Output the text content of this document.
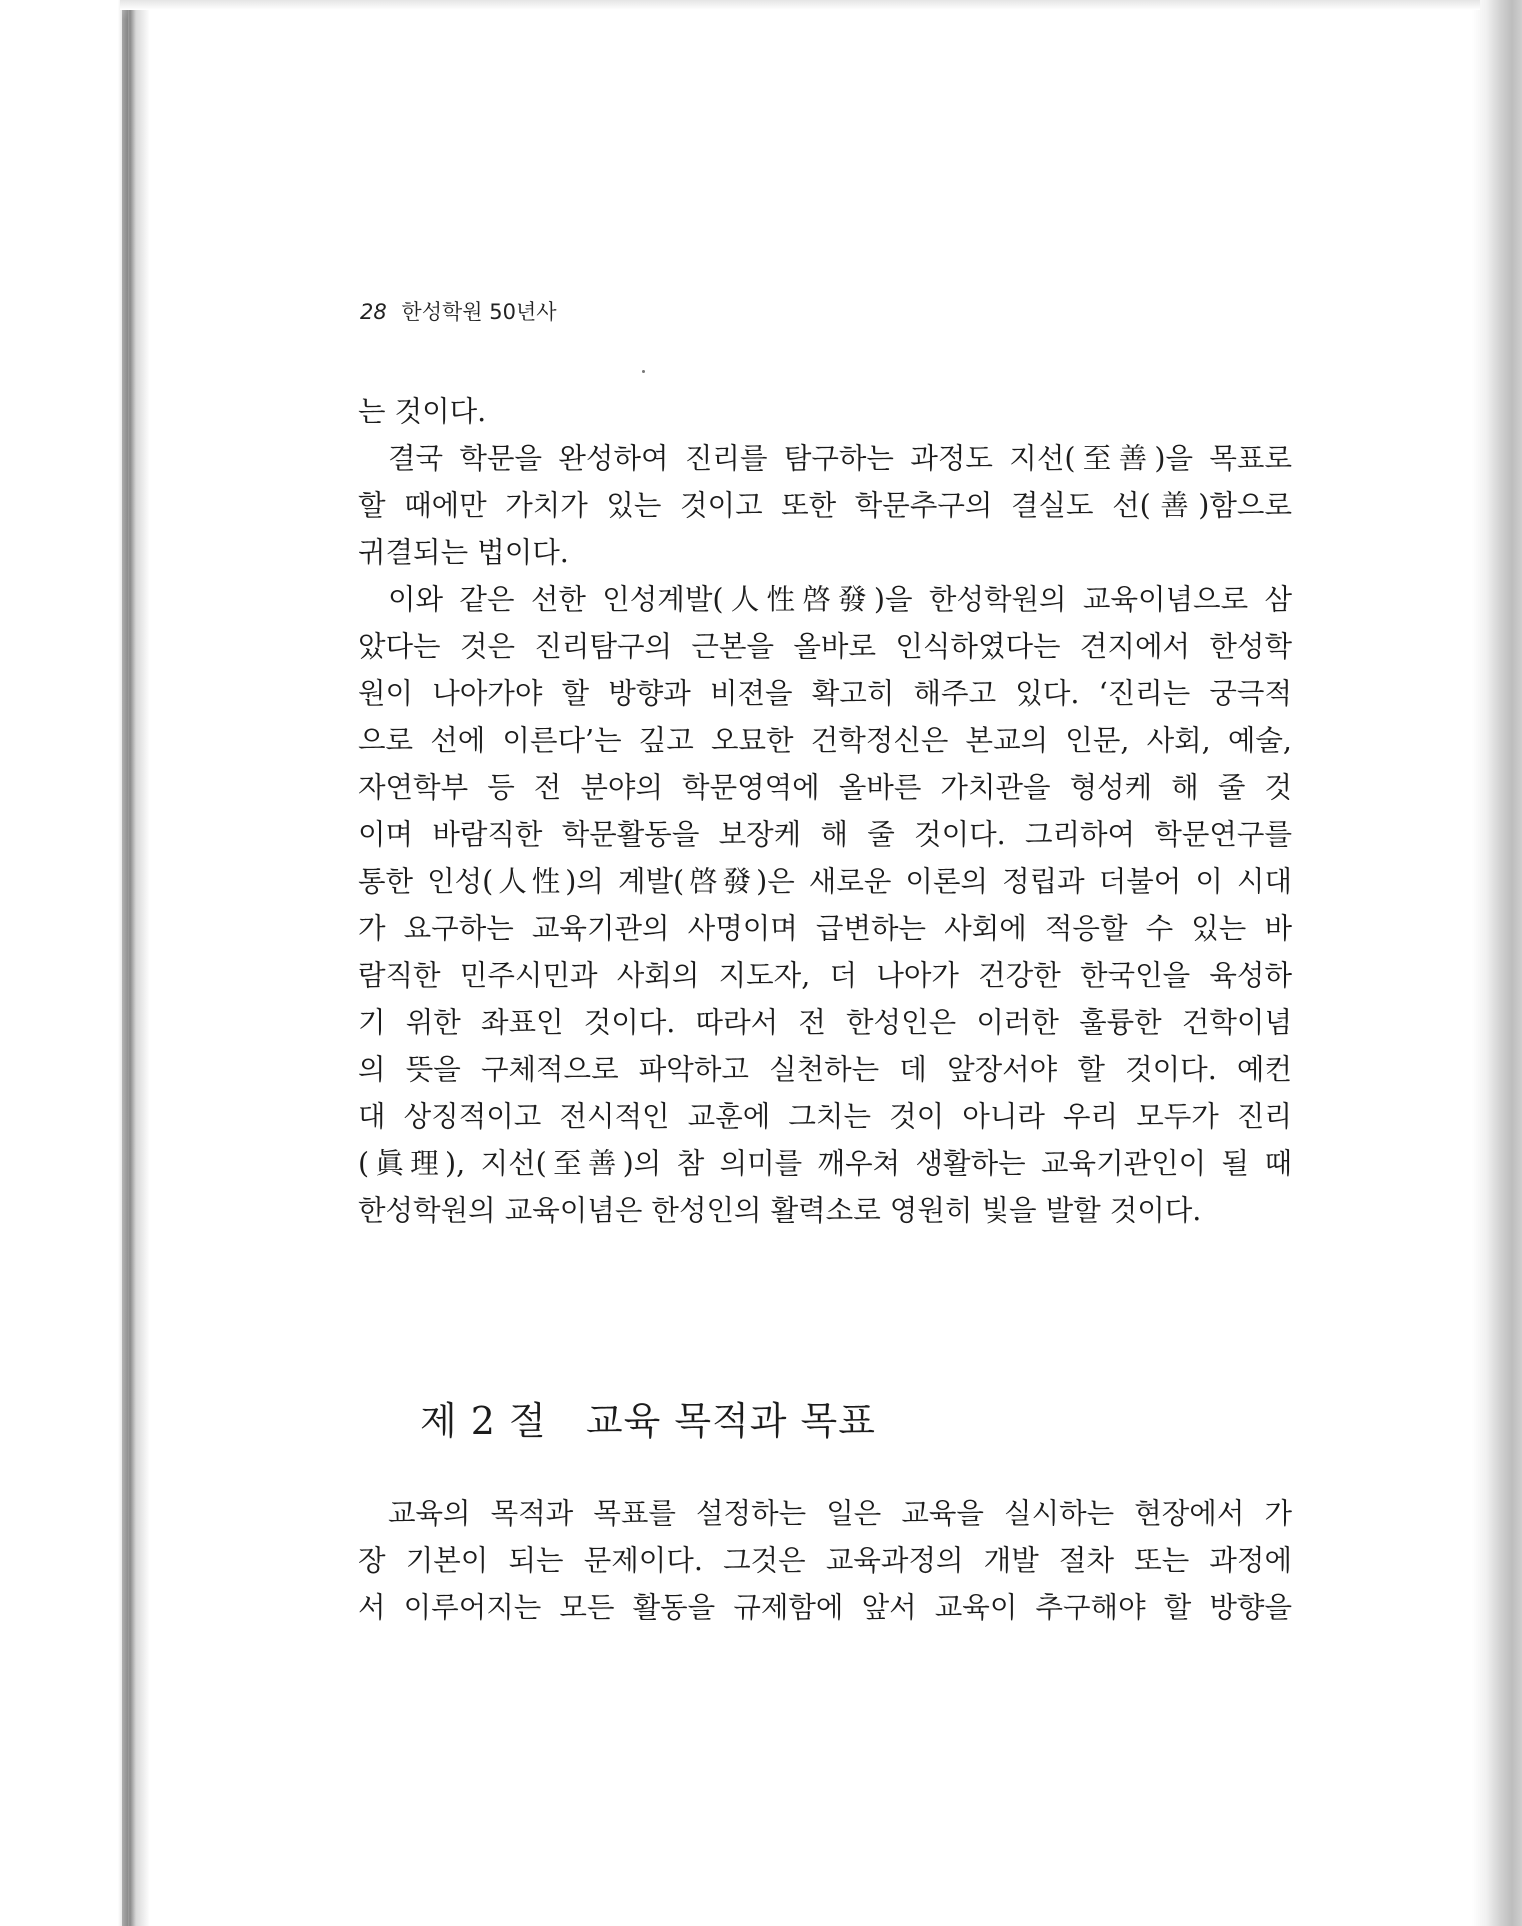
28 한성학원 50년사

는 것이다.

결국 학문을 완성하여 진리를 탐구하는 과정도 지선(至善)을 목표로
할 때에만 가치가 있는 것이고 또한 학문추구의 결실도 선(善)함으로
귀결되는 법이다.

이와 같은 선한 인성계발(人性啓發)을 한성학원의 교육이념으로 삼
았다는 것은 진리탐구의 근본을 올바로 인식하였다는 견지에서 한성학
원이 나아가야 할 방향과 비젼을 확고히 해주고 있다. ‘진리는 궁극적
으로 선에 이른다’는 깊고 오묘한 건학정신은 본교의 인문, 사회, 예술,
자연학부 등 전 분야의 학문영역에 올바른 가치관을 형성케 해 줄 것
이며 바람직한 학문활동을 보장케 해 줄 것이다. 그리하여 학문연구를
통한 인성(人性)의 계발(啓發)은 새로운 이론의 정립과 더불어 이 시대
가 요구하는 교육기관의 사명이며 급변하는 사회에 적응할 수 있는 바
람직한 민주시민과 사회의 지도자, 더 나아가 건강한 한국인을 육성하
기 위한 좌표인 것이다. 따라서 전 한성인은 이러한 훌륭한 건학이념
의 뜻을 구체적으로 파악하고 실천하는 데 앞장서야 할 것이다. 예컨
대 상징적이고 전시적인 교훈에 그치는 것이 아니라 우리 모두가 진리
(眞理), 지선(至善)의 참 의미를 깨우쳐 생활하는 교육기관인이 될 때
한성학원의 교육이념은 한성인의 활력소로 영원히 빛을 발할 것이다.

제 2 절 교육 목적과 목표

교육의 목적과 목표를 설정하는 일은 교육을 실시하는 현장에서 가
장 기본이 되는 문제이다. 그것은 교육과정의 개발 절차 또는 과정에
서 이루어지는 모든 활동을 규제함에 앞서 교육이 추구해야 할 방향을
